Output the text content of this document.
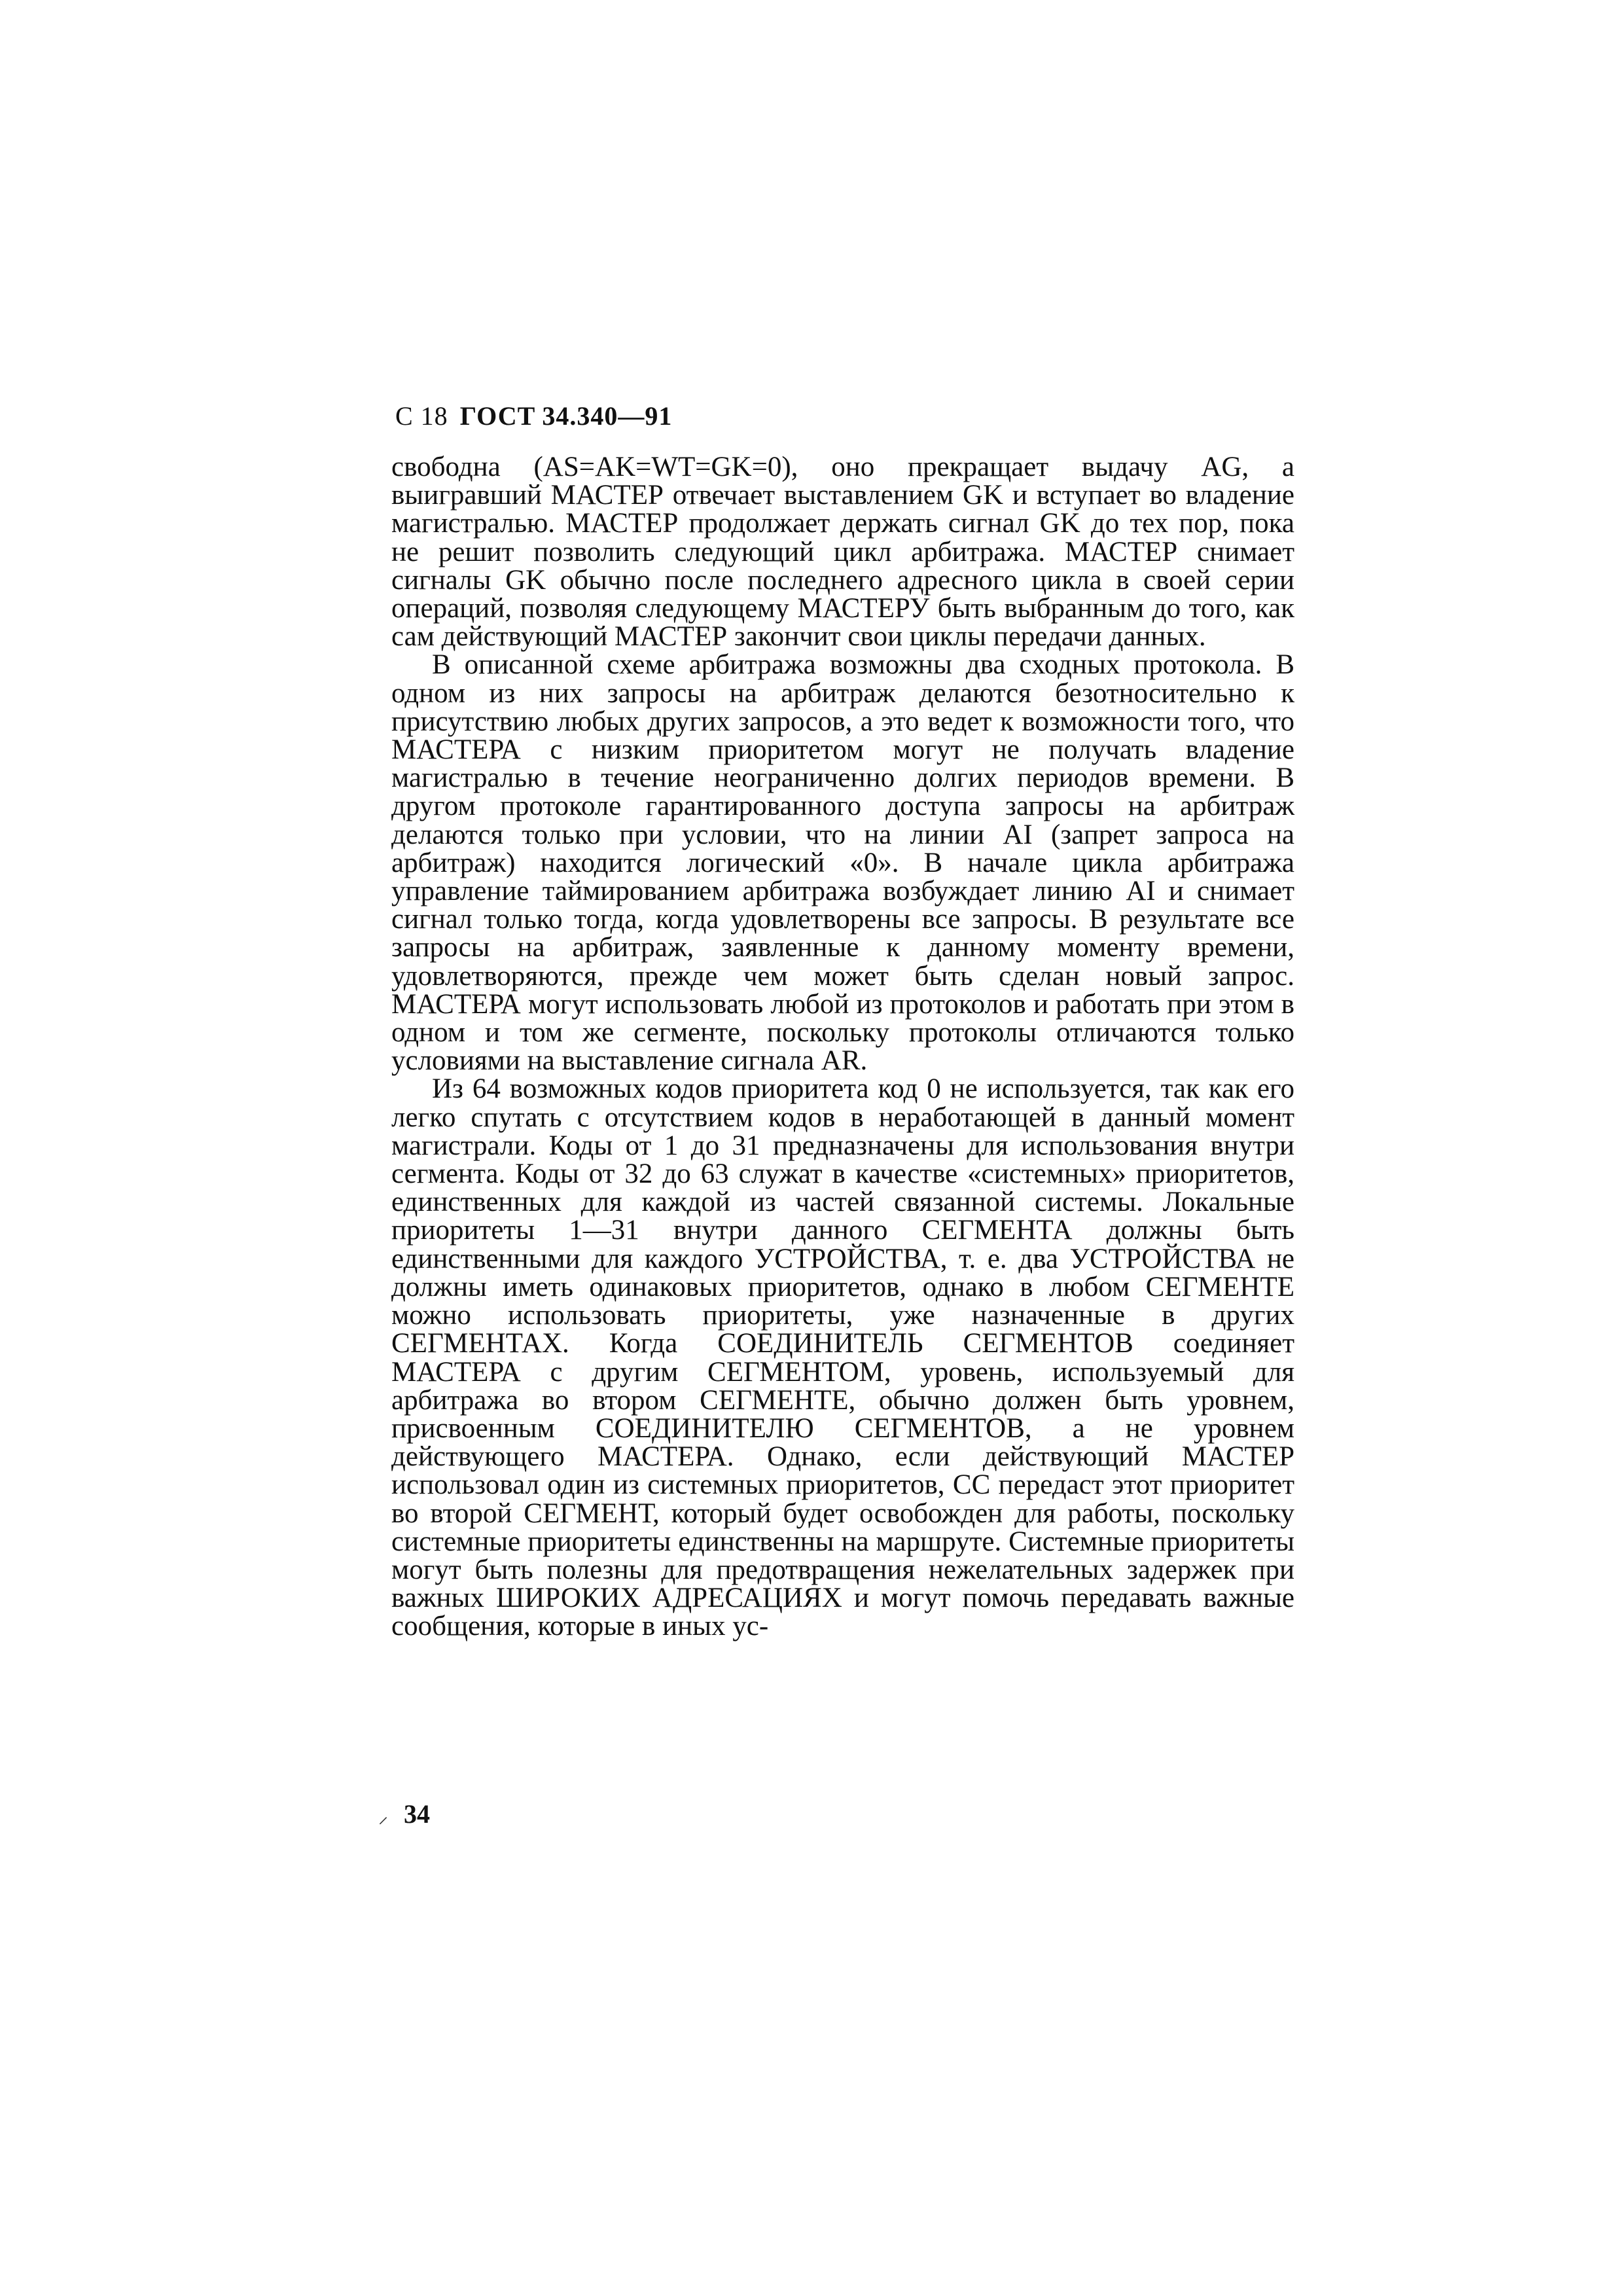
С 18 ГОСТ 34.340—91

свободна (AS=AK=WT=GK=0), оно прекращает выдачу AG, а выигравший МАСТЕР отвечает выставлением GK и вступает во владение магистралью. МАСТЕР продолжает держать сигнал GK до тех пор, пока не решит позволить следующий цикл арбитража. МАСТЕР снимает сигналы GK обычно после последнего адресного цикла в своей серии операций, позволяя следующему МАСТЕРУ быть выбранным до того, как сам действующий МАСТЕР закончит свои циклы передачи данных.

В описанной схеме арбитража возможны два сходных протокола. В одном из них запросы на арбитраж делаются безотносительно к присутствию любых других запросов, а это ведет к возможности того, что МАСТЕРА с низким приоритетом могут не получать владение магистралью в течение неограниченно долгих периодов времени. В другом протоколе гарантированного доступа запросы на арбитраж делаются только при условии, что на линии AI (запрет запроса на арбитраж) находится логический «0». В начале цикла арбитража управление таймированием арбитража возбуждает линию AI и снимает сигнал только тогда, когда удовлетворены все запросы. В результате все запросы на арбитраж, заявленные к данному моменту времени, удовлетворяются, прежде чем может быть сделан новый запрос. МАСТЕРА могут использовать любой из протоколов и работать при этом в одном и том же сегменте, поскольку протоколы отличаются только условиями на выставление сигнала AR.

Из 64 возможных кодов приоритета код 0 не используется, так как его легко спутать с отсутствием кодов в неработающей в данный момент магистрали. Коды от 1 до 31 предназначены для использования внутри сегмента. Коды от 32 до 63 служат в качестве «системных» приоритетов, единственных для каждой из частей связанной системы. Локальные приоритеты 1—31 внутри данного СЕГМЕНТА должны быть единственными для каждого УСТРОЙСТВА, т. е. два УСТРОЙСТВА не должны иметь одинаковых приоритетов, однако в любом СЕГМЕНТЕ можно использовать приоритеты, уже назначенные в других СЕГМЕНТАХ. Когда СОЕДИНИТЕЛЬ СЕГМЕНТОВ соединяет МАСТЕРА с другим СЕГМЕНТОМ, уровень, используемый для арбитража во втором СЕГМЕНТЕ, обычно должен быть уровнем, присвоенным СОЕДИНИТЕЛЮ СЕГМЕНТОВ, а не уровнем действующего МАСТЕРА. Однако, если действующий МАСТЕР использовал один из системных приоритетов, СС передаст этот приоритет во второй СЕГМЕНТ, который будет освобожден для работы, поскольку системные приоритеты единственны на маршруте. Системные приоритеты могут быть полезны для предотвращения нежелательных задержек при важных ШИРОКИХ АДРЕСАЦИЯХ и могут помочь передавать важные сообщения, которые в иных ус-

⸝ 34
